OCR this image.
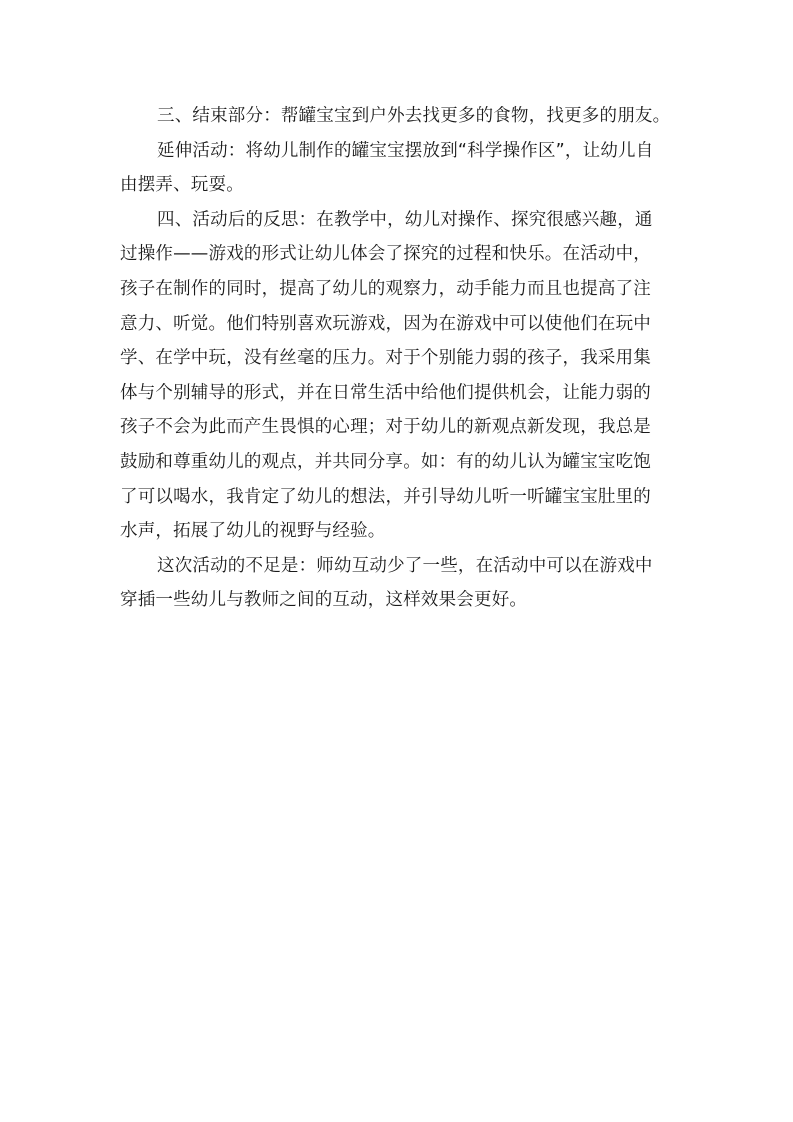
三、结束部分：帮罐宝宝到户外去找更多的食物，找更多的朋友。

延伸活动：将幼儿制作的罐宝宝摆放到“科学操作区”，让幼儿自
由摆弄、玩耍。

四、活动后的反思：在教学中，幼儿对操作、探究很感兴趣，通
过操作——游戏的形式让幼儿体会了探究的过程和快乐。在活动中，
孩子在制作的同时，提高了幼儿的观察力，动手能力而且也提高了注
意力、听觉。他们特别喜欢玩游戏，因为在游戏中可以使他们在玩中
学、在学中玩，没有丝毫的压力。对于个别能力弱的孩子，我采用集
体与个别辅导的形式，并在日常生活中给他们提供机会，让能力弱的
孩子不会为此而产生畏惧的心理；对于幼儿的新观点新发现，我总是
鼓励和尊重幼儿的观点，并共同分享。如：有的幼儿认为罐宝宝吃饱
了可以喝水，我肯定了幼儿的想法，并引导幼儿听一听罐宝宝肚里的
水声，拓展了幼儿的视野与经验。

这次活动的不足是：师幼互动少了一些，在活动中可以在游戏中
穿插一些幼儿与教师之间的互动，这样效果会更好。
